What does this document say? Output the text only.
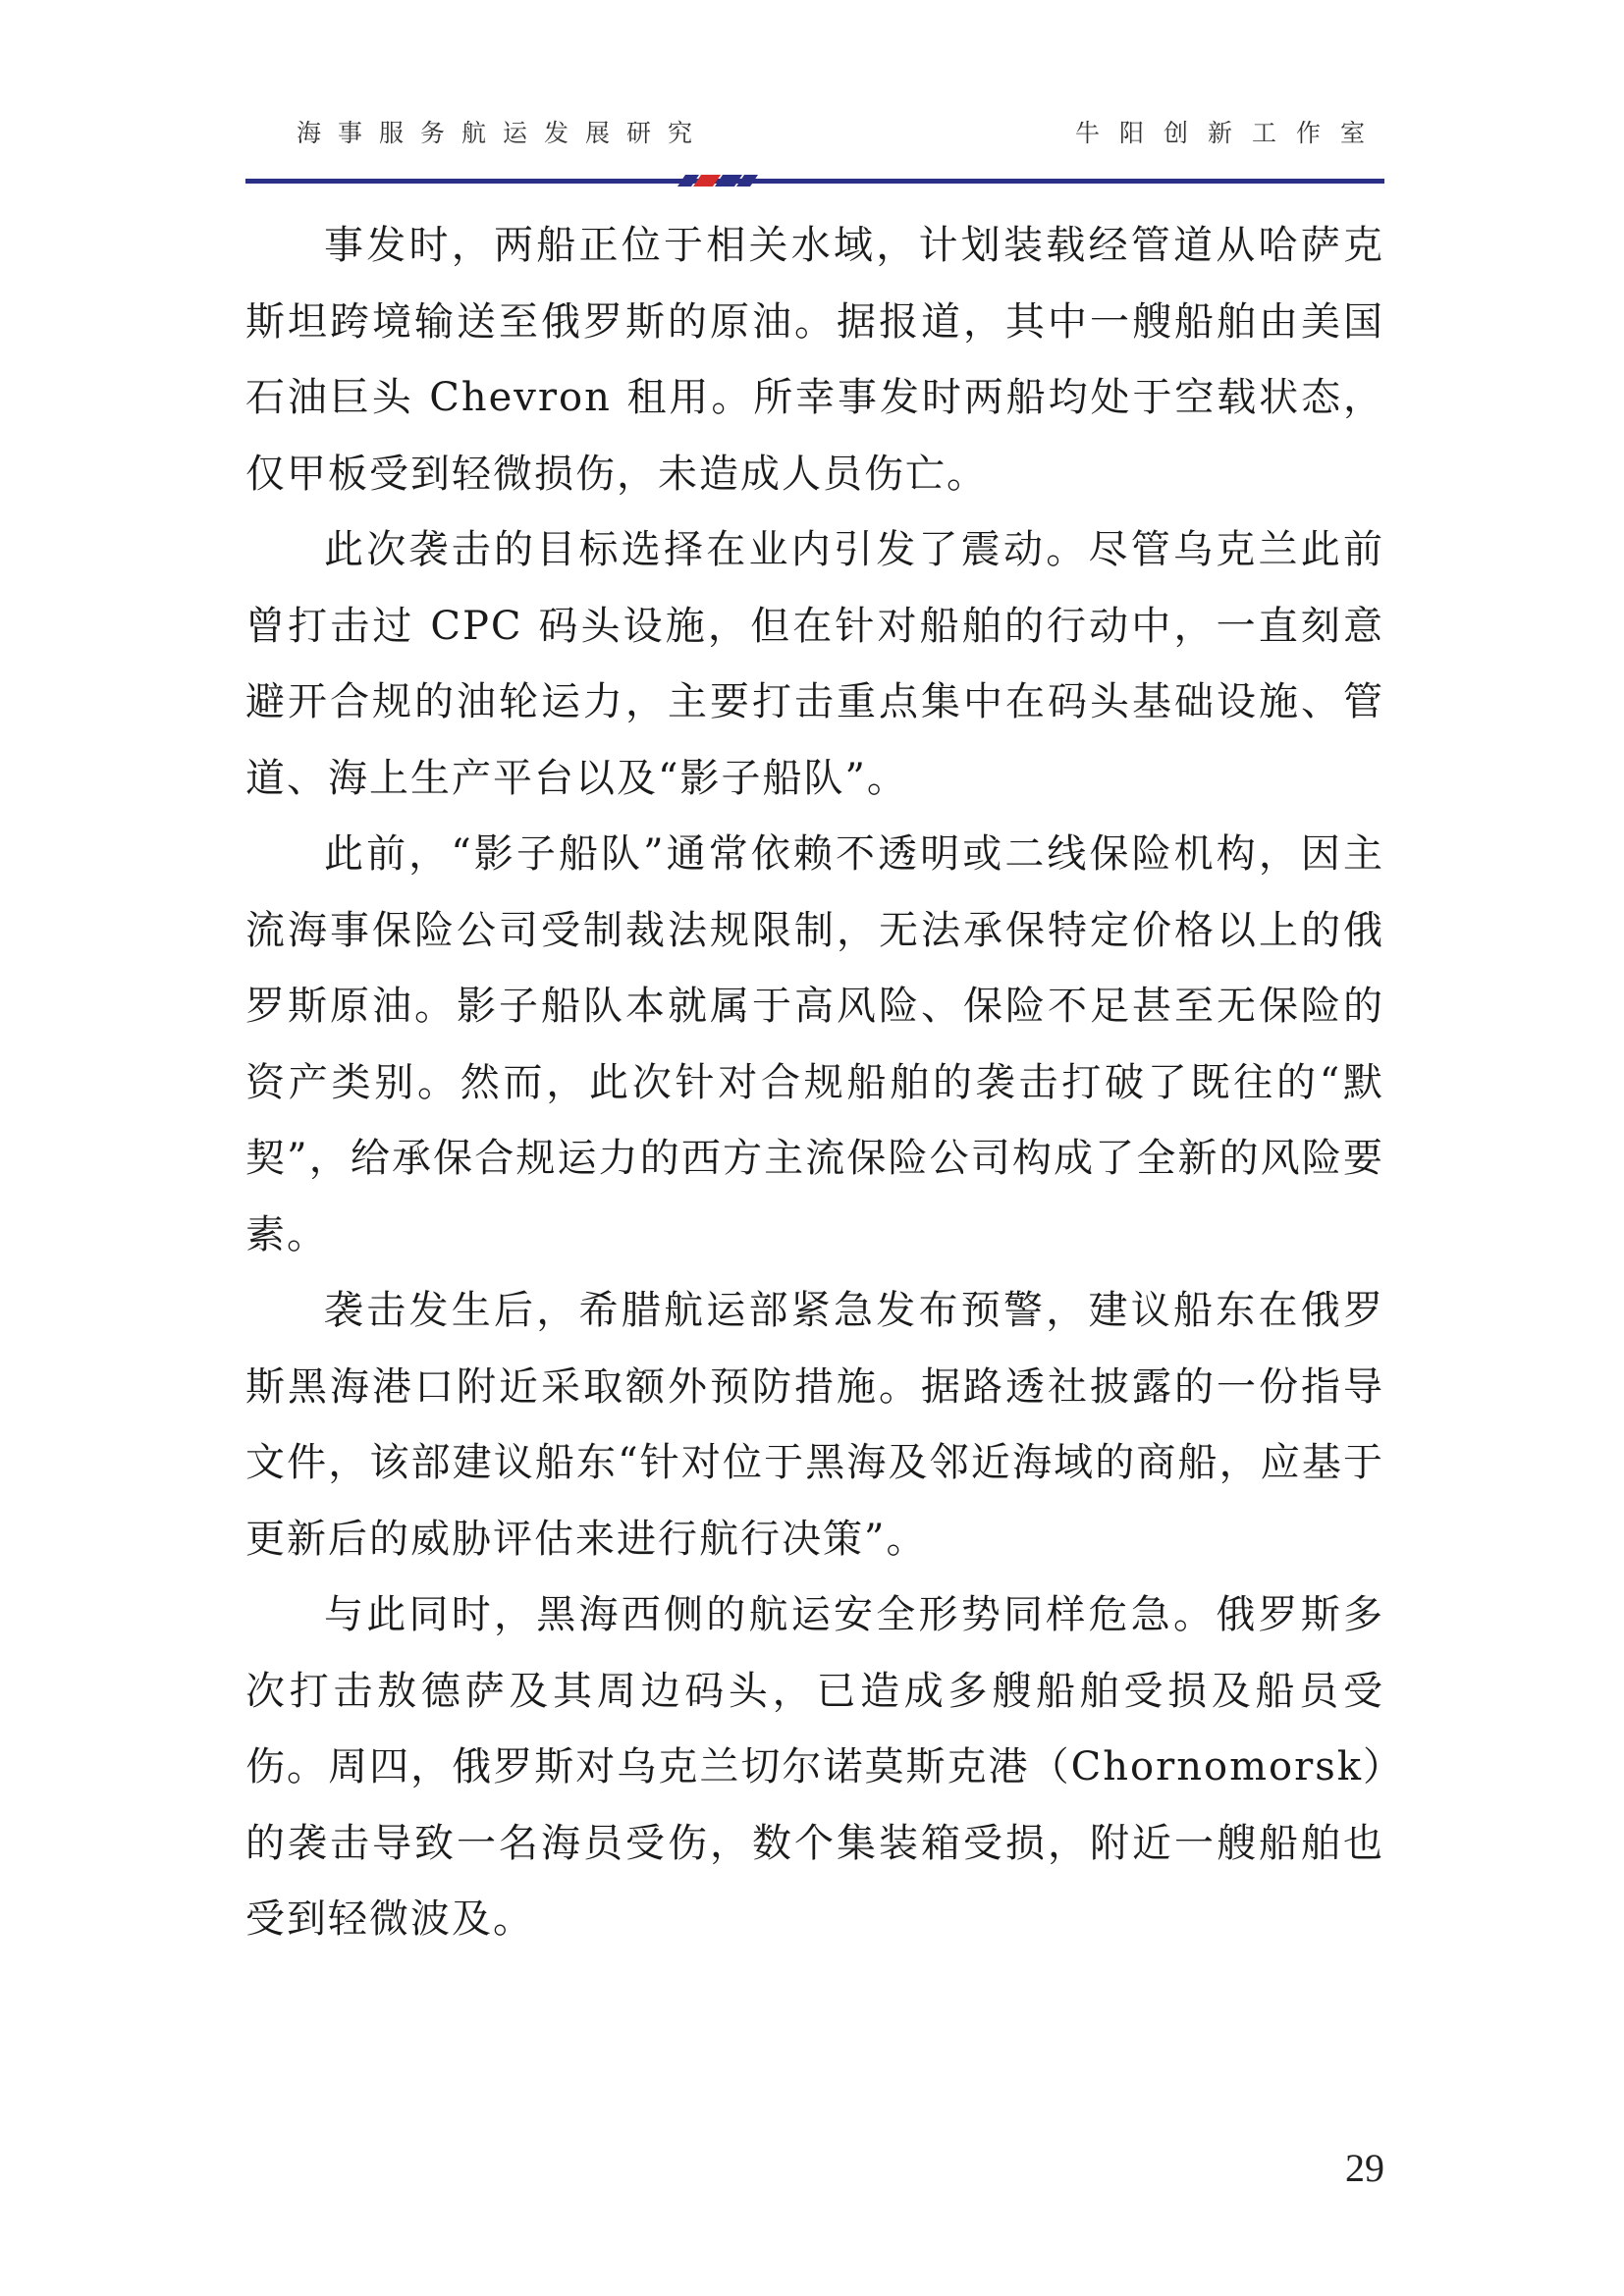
海事服务航运发展研究	牛阳创新工作室

事发时，两船正位于相关水域，计划装载经管道从哈萨克斯坦跨境输送至俄罗斯的原油。据报道，其中一艘船舶由美国石油巨头 Chevron 租用。所幸事发时两船均处于空载状态，仅甲板受到轻微损伤，未造成人员伤亡。

此次袭击的目标选择在业内引发了震动。尽管乌克兰此前曾打击过 CPC 码头设施，但在针对船舶的行动中，一直刻意避开合规的油轮运力，主要打击重点集中在码头基础设施、管道、海上生产平台以及“影子船队”。

此前，“影子船队”通常依赖不透明或二线保险机构，因主流海事保险公司受制裁法规限制，无法承保特定价格以上的俄罗斯原油。影子船队本就属于高风险、保险不足甚至无保险的资产类别。然而，此次针对合规船舶的袭击打破了既往的“默契”，给承保合规运力的西方主流保险公司构成了全新的风险要素。

袭击发生后，希腊航运部紧急发布预警，建议船东在俄罗斯黑海港口附近采取额外预防措施。据路透社披露的一份指导文件，该部建议船东“针对位于黑海及邻近海域的商船，应基于更新后的威胁评估来进行航行决策”。

与此同时，黑海西侧的航运安全形势同样危急。俄罗斯多次打击敖德萨及其周边码头，已造成多艘船舶受损及船员受伤。周四，俄罗斯对乌克兰切尔诺莫斯克港（Chornomorsk）的袭击导致一名海员受伤，数个集装箱受损，附近一艘船舶也受到轻微波及。

29
